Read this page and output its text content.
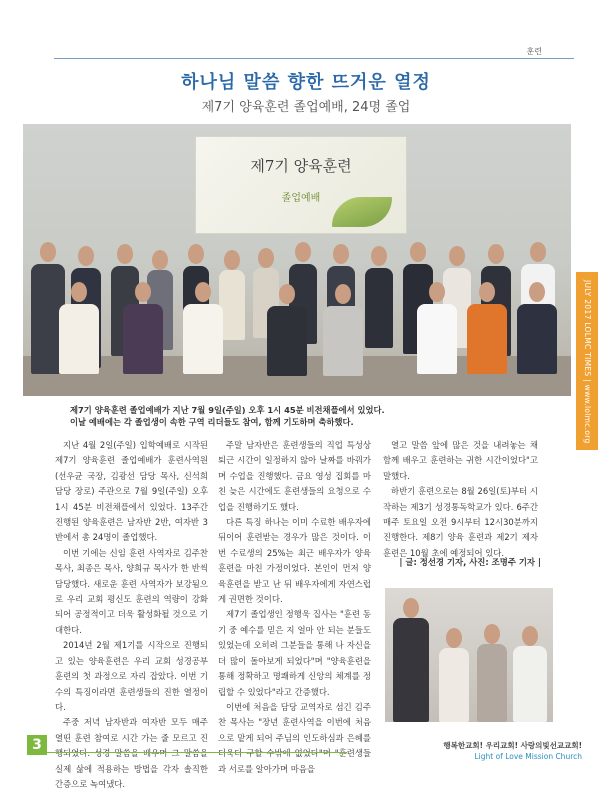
훈련
하나님 말씀 향한 뜨거운 열정
제7기 양육훈련 졸업예배, 24명 졸업
제7기 양육훈련
졸업예배

제7기 양육훈련 졸업예배가 지난 7월 9일(주일) 오후 1시 45분 비전채플에서 있었다.

이날 예배에는 각 졸업생이 속한 구역 리더들도 참여, 함께 기도하며 축하했다.	JULY 2017 LOLMC TIMES | www.lolmc.org

지난 4월 2일(주일) 입학예배로 시작된 제7기 양육훈련 졸업예배가 훈련사역원(선우균 국장, 김광선 담당 목사, 신석희 담당 장로) 주관으로 7월 9일(주일) 오후 1시 45분 비전채플에서 있었다. 13주간 진행된 양육훈련은 남자반 2반, 여자반 3반에서 총 24명이 졸업했다.

이번 기에는 신임 훈련 사역자로 김주찬 목사, 최종은 목사, 양희규 목사가 한 반씩 담당했다. 새로운 훈련 사역자가 보강됨으로 우리 교회 평신도 훈련의 역량이 강화되어 공정적이고 더욱 활성화될 것으로 기대한다.

2014년 2월 제1기를 시작으로 진행되고 있는 양육훈련은 우리 교회 성경공부 훈련의 첫 과정으로 자리 잡았다. 이번 기수의 특징이라면 훈련생들의 진한 열정이다.

주중 저녁 남자반과 여자반 모두 매주 열띤 훈련 참여로 시간 가는 줄 모르고 진행되었다. 성경 말씀을 배우며 그 말씀을 실제 삶에 적용하는 방법을 각자 솔직한 간증으로 녹여냈다.

주말 남자반은 훈련생들의 직업 특성상 퇴근 시간이 일정하지 않아 날짜를 바꿔가며 수업을 진행했다. 금요 영성 집회를 마친 늦은 시간에도 훈련생들의 요청으로 수업을 진행하기도 했다.

다른 특징 하나는 이미 수료한 배우자에 뒤이어 훈련받는 경우가 많은 것이다. 이번 수료생의 25%는 최근 배우자가 양육훈련을 마친 가정이었다. 본인이 먼저 양육훈련을 받고 난 뒤 배우자에게 자연스럽게 권면한 것이다.

제7기 졸업생인 정행욱 집사는 "훈련 동기 중 예수를 믿은 지 얼마 안 되는 분들도 있었는데 오히려 그분들을 통해 나 자신을 더 많이 돌아보게 되었다"며 "양육훈련을 통해 정확하고 명쾌하게 신앙의 체계를 정립할 수 있었다"라고 간증했다.

이번에 처음을 담당 교역자로 섬긴 김주찬 목사는 "장년 훈련사역을 이번에 처음으로 맡게 되어 주님의 인도하심과 은혜를 더욱더 구할 수밖에 없었다"며 "훈련생들과 서로를 알아가며 마음을

열고 말씀 앞에 많은 것을 내려놓는 채 함께 배우고 훈련하는 귀한 시간이었다"고 말했다.

하반기 훈련으로는 8월 26일(토)부터 시작하는 제3기 성경통독학교가 있다. 6주간 매주 토요일 오전 9시부터 12시30분까지 진행한다. 제8기 양육 훈련과 제2기 제자 훈련은 10월 초에 예정되어 있다.

| 글: 정선경 기자, 사진: 조명주 기자 |
3	행복한교회! 우리교회! 사랑의빛선교교회!
Light of Love Mission Church
